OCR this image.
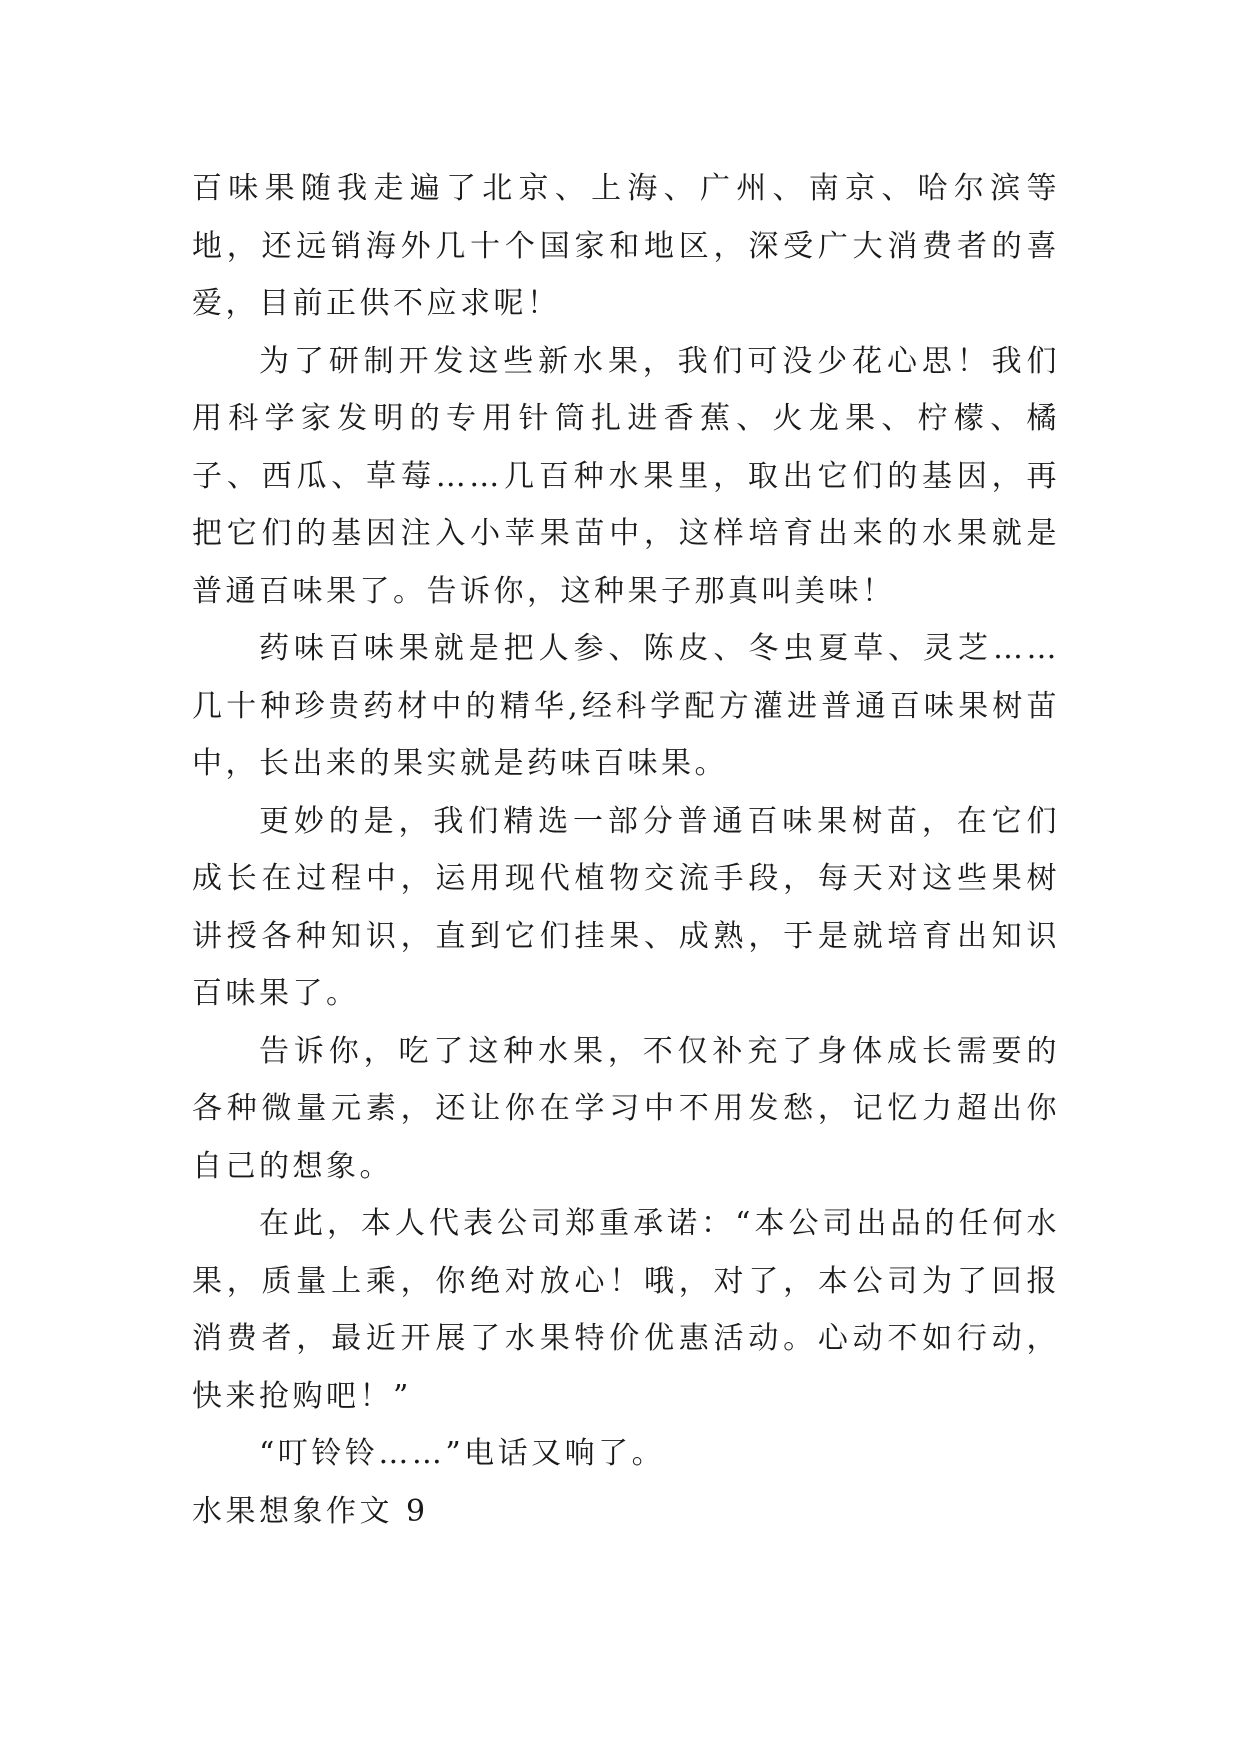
百味果随我走遍了北京、上海、广州、南京、哈尔滨等地，还远销海外几十个国家和地区，深受广大消费者的喜爱，目前正供不应求呢！

为了研制开发这些新水果，我们可没少花心思！我们用科学家发明的专用针筒扎进香蕉、火龙果、柠檬、橘子、西瓜、草莓……几百种水果里，取出它们的基因，再把它们的基因注入小苹果苗中，这样培育出来的水果就是普通百味果了。告诉你，这种果子那真叫美味！

药味百味果就是把人参、陈皮、冬虫夏草、灵芝……几十种珍贵药材中的精华,经科学配方灌进普通百味果树苗中，长出来的果实就是药味百味果。

更妙的是，我们精选一部分普通百味果树苗，在它们成长在过程中，运用现代植物交流手段，每天对这些果树讲授各种知识，直到它们挂果、成熟，于是就培育出知识百味果了。

告诉你，吃了这种水果，不仅补充了身体成长需要的各种微量元素，还让你在学习中不用发愁，记忆力超出你自己的想象。

在此，本人代表公司郑重承诺：“本公司出品的任何水果，质量上乘，你绝对放心！哦，对了，本公司为了回报消费者，最近开展了水果特价优惠活动。心动不如行动，快来抢购吧！”

“叮铃铃……”电话又响了。

水果想象作文 9
